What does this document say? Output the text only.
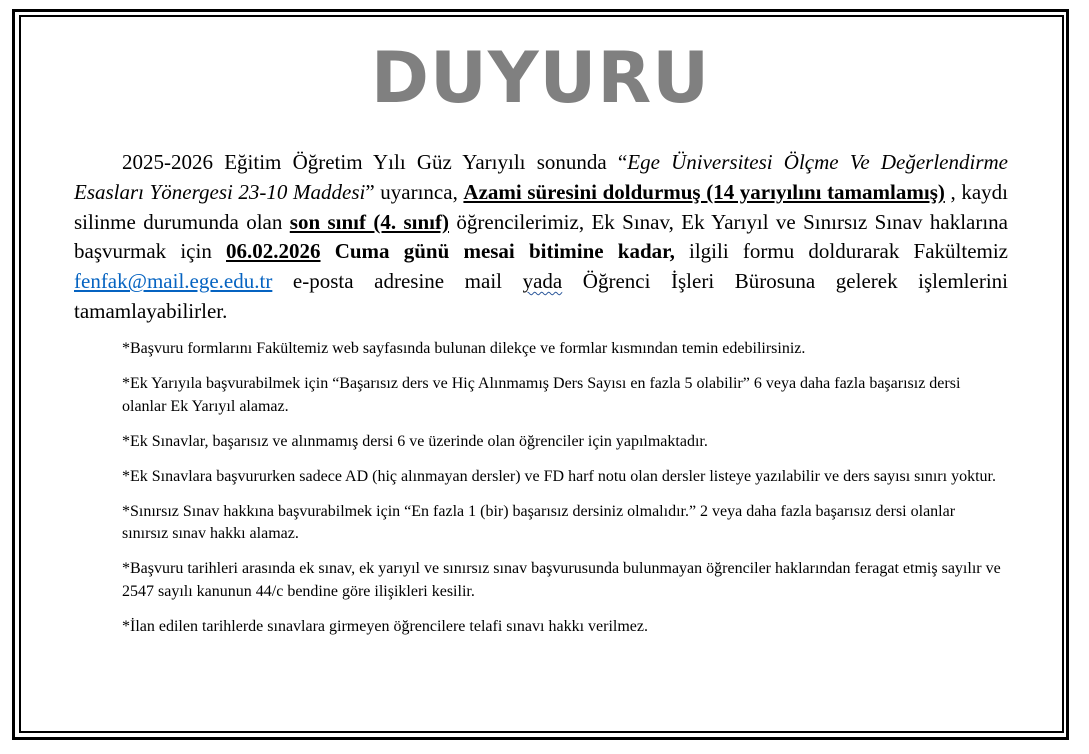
DUYURU
2025-2026 Eğitim Öğretim Yılı Güz Yarıyılı sonunda “Ege Üniversitesi Ölçme Ve Değerlendirme Esasları Yönergesi 23-10 Maddesi” uyarınca, Azami süresini doldurmuş (14 yarıyılını tamamlamış) , kaydı silinme durumunda olan son sınıf (4. sınıf) öğrencilerimiz, Ek Sınav, Ek Yarıyıl ve Sınırsız Sınav haklarına başvurmak için 06.02.2026 Cuma günü mesai bitimine kadar, ilgili formu doldurarak Fakültemiz fenfak@mail.ege.edu.tr e-posta adresine mail yada Öğrenci İşleri Bürosuna gelerek işlemlerini tamamlayabilirler.

*Başvuru formlarını Fakültemiz web sayfasında bulunan dilekçe ve formlar kısmından temin edebilirsiniz.

*Ek Yarıyıla başvurabilmek için “Başarısız ders ve Hiç Alınmamış Ders Sayısı en fazla 5 olabilir” 6 veya daha fazla başarısız dersi olanlar Ek Yarıyıl alamaz.

*Ek Sınavlar, başarısız ve alınmamış dersi 6 ve üzerinde olan öğrenciler için yapılmaktadır.

*Ek Sınavlara başvururken sadece AD (hiç alınmayan dersler) ve FD harf notu olan dersler listeye yazılabilir ve ders sayısı sınırı yoktur.

*Sınırsız Sınav hakkına başvurabilmek için “En fazla 1 (bir) başarısız dersiniz olmalıdır.” 2 veya daha fazla başarısız dersi olanlar sınırsız sınav hakkı alamaz.

*Başvuru tarihleri arasında ek sınav, ek yarıyıl ve sınırsız sınav başvurusunda bulunmayan öğrenciler haklarından feragat etmiş sayılır ve 2547 sayılı kanunun 44/c bendine göre ilişikleri kesilir.

*İlan edilen tarihlerde sınavlara girmeyen öğrencilere telafi sınavı hakkı verilmez.
